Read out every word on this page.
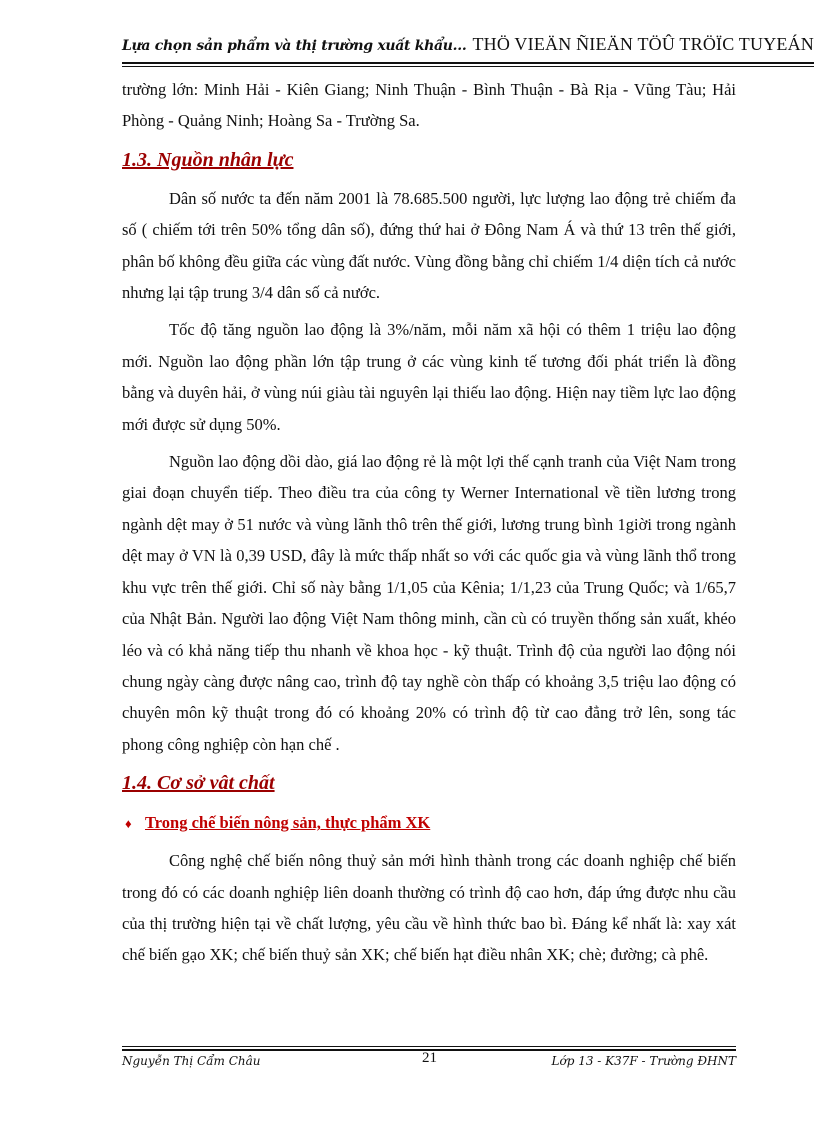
Lựa chọn sản phẩm và thị trường xuất khẩu... THÖ VIEÄN ÑIEÄN TÖÛ TRÖÏC TUYEÁN

trường lớn: Minh Hải - Kiên Giang; Ninh Thuận - Bình Thuận - Bà Rịa - Vũng Tàu; Hải Phòng - Quảng Ninh; Hoàng Sa - Trường Sa.

1.3. Nguồn nhân lực

Dân số nước ta đến năm 2001 là 78.685.500 người, lực lượng lao động trẻ chiếm đa số ( chiếm tới trên 50% tổng dân số), đứng thứ hai ở Đông Nam Á và thứ 13 trên thế giới, phân bố không đều giữa các vùng đất nước. Vùng đồng bằng chỉ chiếm 1/4 diện tích cả nước nhưng lại tập trung 3/4 dân số cả nước.

Tốc độ tăng nguồn lao động là 3%/năm, mỗi năm xã hội có thêm 1 triệu lao động mới. Nguồn lao động phần lớn tập trung ở các vùng kinh tế tương đối phát triển là đồng bằng và duyên hải, ở vùng núi giàu tài nguyên lại thiếu lao động. Hiện nay tiềm lực lao động mới được sử dụng 50%.

Nguồn lao động dồi dào, giá lao động rẻ là một lợi thế cạnh tranh của Việt Nam trong giai đoạn chuyển tiếp. Theo điều tra của công ty Werner International về tiền lương trong ngành dệt may ở 51 nước và vùng lãnh thô trên thế giới, lương trung bình 1giời trong ngành dệt may ở VN là 0,39 USD, đây là mức thấp nhất so với các quốc gia và vùng lãnh thổ trong khu vực trên thế giới. Chỉ số này bằng 1/1,05 của Kênia; 1/1,23 của Trung Quốc; và 1/65,7 của Nhật Bản. Người lao động Việt Nam thông minh, cần cù có truyền thống sản xuất, khéo léo và có khả năng tiếp thu nhanh về khoa học - kỹ thuật. Trình độ của người lao động nói chung ngày càng được nâng cao, trình độ tay nghề còn thấp có khoảng 3,5 triệu lao động có chuyên môn kỹ thuật trong đó có khoảng 20% có trình độ từ cao đẳng trở lên, song tác phong công nghiệp còn hạn chế .

1.4. Cơ sở vât chất
♦ Trong chế biến nông sản, thực phẩm XK

Công nghệ chế biến nông thuỷ sản mới hình thành trong các doanh nghiệp chế biến trong đó có các doanh nghiệp liên doanh thường có trình độ cao hơn, đáp ứng được nhu cầu của thị trường hiện tại về chất lượng, yêu cầu về hình thức bao bì. Đáng kể nhất là: xay xát chế biến gạo XK; chế biến thuỷ sản XK; chế biến hạt điều nhân XK; chè; đường; cà phê.

Nguyễn Thị Cẩm Châu	21	Lớp 13 - K37F - Trường ĐHNT
